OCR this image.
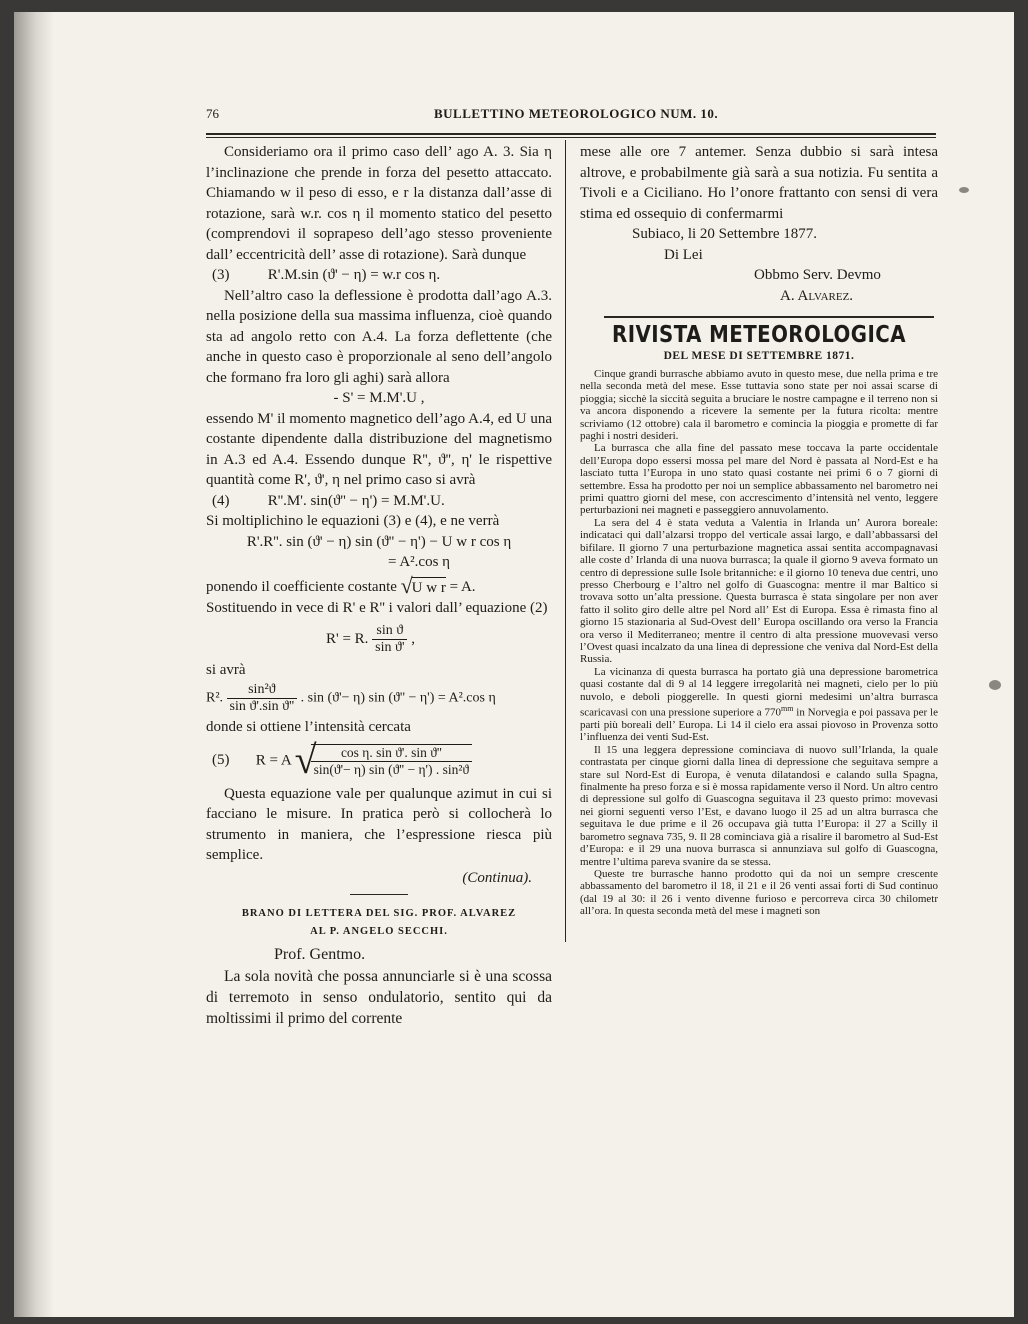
76	BULLETTINO METEOROLOGICO NUM. 10.

Consideriamo ora il primo caso dell’ ago A. 3. Sia η l’inclinazione che prende in forza del pesetto attaccato. Chiamando w il peso di esso, e r la distanza dall’asse di rotazione, sarà w.r. cos η il momento statico del pesetto (comprendovi il soprapeso dell’ago stesso proveniente dall’ eccentricità dell’ asse di rotazione). Sarà dunque

(3)	R'.M.sin (ϑ' − η) = w.r cos η.

Nell’altro caso la deflessione è prodotta dall’ago A.3. nella posizione della sua massima influenza, cioè quando sta ad angolo retto con A.4. La forza deflettente (che anche in questo caso è proporzionale al seno dell’angolo che formano fra loro gli aghi) sarà allora

- S' = M.M'.U ,

essendo M' il momento magnetico dell’ago A.4, ed U una costante dipendente dalla distribuzione del magnetismo in A.3 ed A.4. Essendo dunque R'', ϑ'', η' le rispettive quantità come R', ϑ', η nel primo caso si avrà

(4)	R''.M'. sin(ϑ'' − η') = M.M'.U.

Si moltiplichino le equazioni (3) e (4), e ne verrà

R'.R''. sin (ϑ' − η) sin (ϑ'' − η') − U w r cos η

= A².cos η

ponendo il coefficiente costante √
U w r = A.

Sostituendo in vece di R' e R'' i valori dall’ equazione (2)

R' = R. $\frac{\text{sin ϑ}}{\text{sin ϑ'}}$ ,

si avrà

R². $\frac{\text{sin²ϑ}}{\text{sin ϑ'.sin ϑ''}}$ . sin (ϑ'− η) sin (ϑ'' − η') = A².cos η

donde si ottiene l’intensità cercata

(5) R = A √
$\frac{\text{cos η. sin ϑ'. sin ϑ''}}{\text{sin(ϑ'− η) sin (ϑ'' − η') . sin²ϑ}}$

Questa equazione vale per qualunque azimut in cui si facciano le misure. In pratica però si collocherà lo strumento in maniera, che l’espressione riesca più semplice.

(Continua).

BRANO DI LETTERA DEL SIG. PROF. ALVAREZ

AL P. ANGELO SECCHI.

Prof. Gentmo.

La sola novità che possa annunciarle si è una scossa di terremoto in senso ondulatorio, sentito qui da moltissimi il primo del corrente

mese alle ore 7 antemer. Senza dubbio si sarà intesa altrove, e probabilmente già sarà a sua notizia. Fu sentita a Tivoli e a Ciciliano. Ho l’onore frattanto con sensi di vera stima ed ossequio di confermarmi

Subiaco, li 20 Settembre 1877.

Di Lei

Obbmo Serv. Devmo

A. Alvarez.

RIVISTA METEOROLOGICA

DEL MESE DI SETTEMBRE 1871.

Cinque grandi burrasche abbiamo avuto in questo mese, due nella prima e tre nella seconda metà del mese. Esse tuttavia sono state per noi assai scarse di pioggia; sicchè la siccità seguita a bruciare le nostre campagne e il terreno non si va ancora disponendo a ricevere la semente per la futura ricolta: mentre scriviamo (12 ottobre) cala il barometro e comincia la pioggia e promette di far paghi i nostri desideri.

La burrasca che alla fine del passato mese toccava la parte occidentale dell’Europa dopo essersi mossa pel mare del Nord è passata al Nord-Est e ha lasciato tutta l’Europa in uno stato quasi costante nei primi 6 o 7 giorni di settembre. Essa ha prodotto per noi un semplice abbassamento nel barometro nei primi quattro giorni del mese, con accrescimento d’intensità nel vento, leggere perturbazioni nei magneti e passeggiero annuvolamento.

La sera del 4 è stata veduta a Valentia in Irlanda un’ Aurora boreale: indicataci qui dall’alzarsi troppo del verticale assai largo, e dall’abbassarsi del bifilare. Il giorno 7 una perturbazione magnetica assai sentita accompagnavasi alle coste d’ Irlanda di una nuova burrasca; la quale il giorno 9 aveva formato un centro di depressione sulle Isole britanniche: e il giorno 10 teneva due centri, uno presso Cherbourg e l’altro nel golfo di Guascogna: mentre il mar Baltico si trovava sotto un’alta pressione. Questa burrasca è stata singolare per non aver fatto il solito giro delle altre pel Nord all’ Est di Europa. Essa è rimasta fino al giorno 15 stazionaria al Sud-Ovest dell’ Europa oscillando ora verso la Francia ora verso il Mediterraneo; mentre il centro di alta pressione muovevasi verso l’Ovest quasi incalzato da una linea di depressione che veniva dal Nord-Est della Russia.

La vicinanza di questa burrasca ha portato già una depressione barometrica quasi costante dal dì 9 al 14 leggere irregolarità nei magneti, cielo per lo più nuvolo, e deboli pioggerelle. In questi giorni medesimi un’altra burrasca scaricavasi con una pressione superiore a $770^{mm}$ in Norvegia e poi passava per le parti più boreali dell’ Europa. Li 14 il cielo era assai piovoso in Provenza sotto l’influenza dei venti Sud-Est.

Il 15 una leggera depressione cominciava di nuovo sull’Irlanda, la quale contrastata per cinque giorni dalla linea di depressione che seguitava sempre a stare sul Nord-Est di Europa, è venuta dilatandosi e calando sulla Spagna, finalmente ha preso forza e si è mossa rapidamente verso il Nord. Un altro centro di depressione sul golfo di Guascogna seguitava il 23 questo primo: movevasi nei giorni seguenti verso l’Est, e davano luogo il 25 ad un altra burrasca che seguitava le due prime e il 26 occupava già tutta l’Europa: il 27 a Scilly il barometro segnava 735, 9. Il 28 cominciava già a risalire il barometro al Sud-Est d’Europa: e il 29 una nuova burrasca si annunziava sul golfo di Guascogna, mentre l’ultima pareva svanire da se stessa.

Queste tre burrasche hanno prodotto qui da noi un sempre crescente abbassamento del barometro il 18, il 21 e il 26 venti assai forti di Sud continuo (dal 19 al 30: il 26 i vento divenne furioso e percorreva circa 30 chilometr all’ora. In questa seconda metà del mese i magneti son
